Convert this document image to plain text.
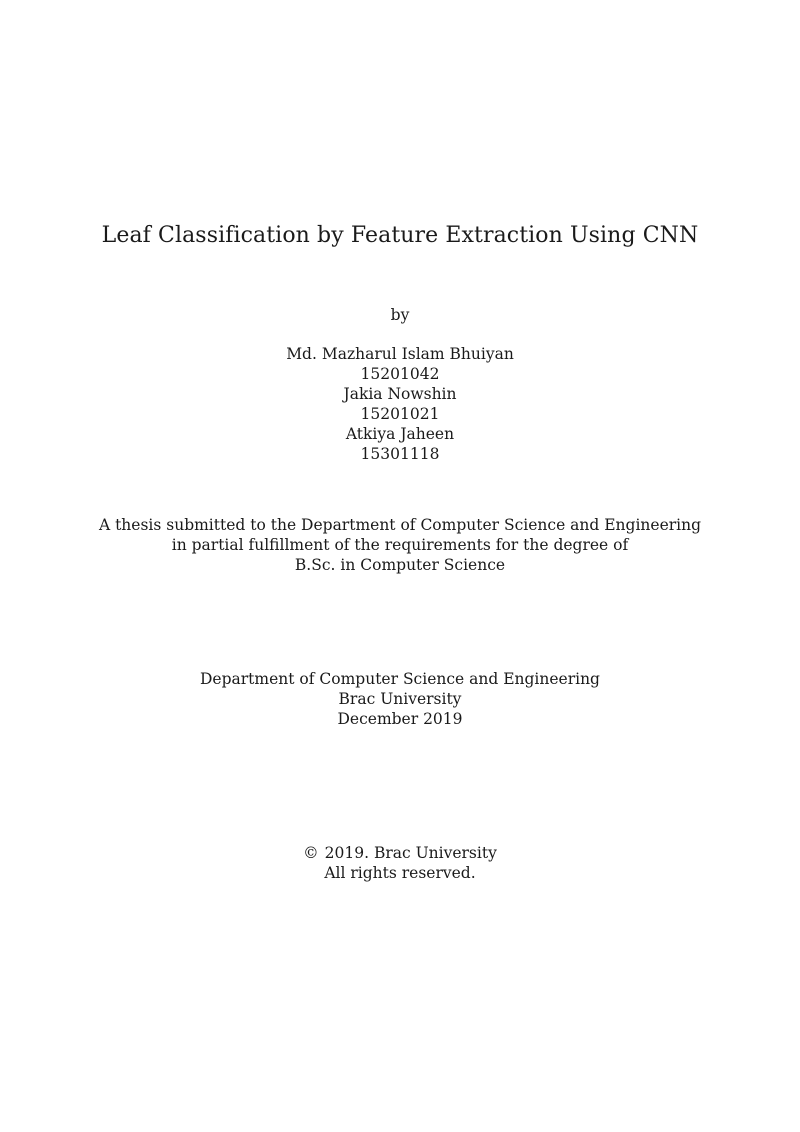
Leaf Classification by Feature Extraction Using CNN
by
Md. Mazharul Islam Bhuiyan
15201042
Jakia Nowshin
15201021
Atkiya Jaheen
15301118
A thesis submitted to the Department of Computer Science and Engineering
in partial fulfillment of the requirements for the degree of
B.Sc. in Computer Science
Department of Computer Science and Engineering
Brac University
December 2019
© 2019. Brac University
All rights reserved.
